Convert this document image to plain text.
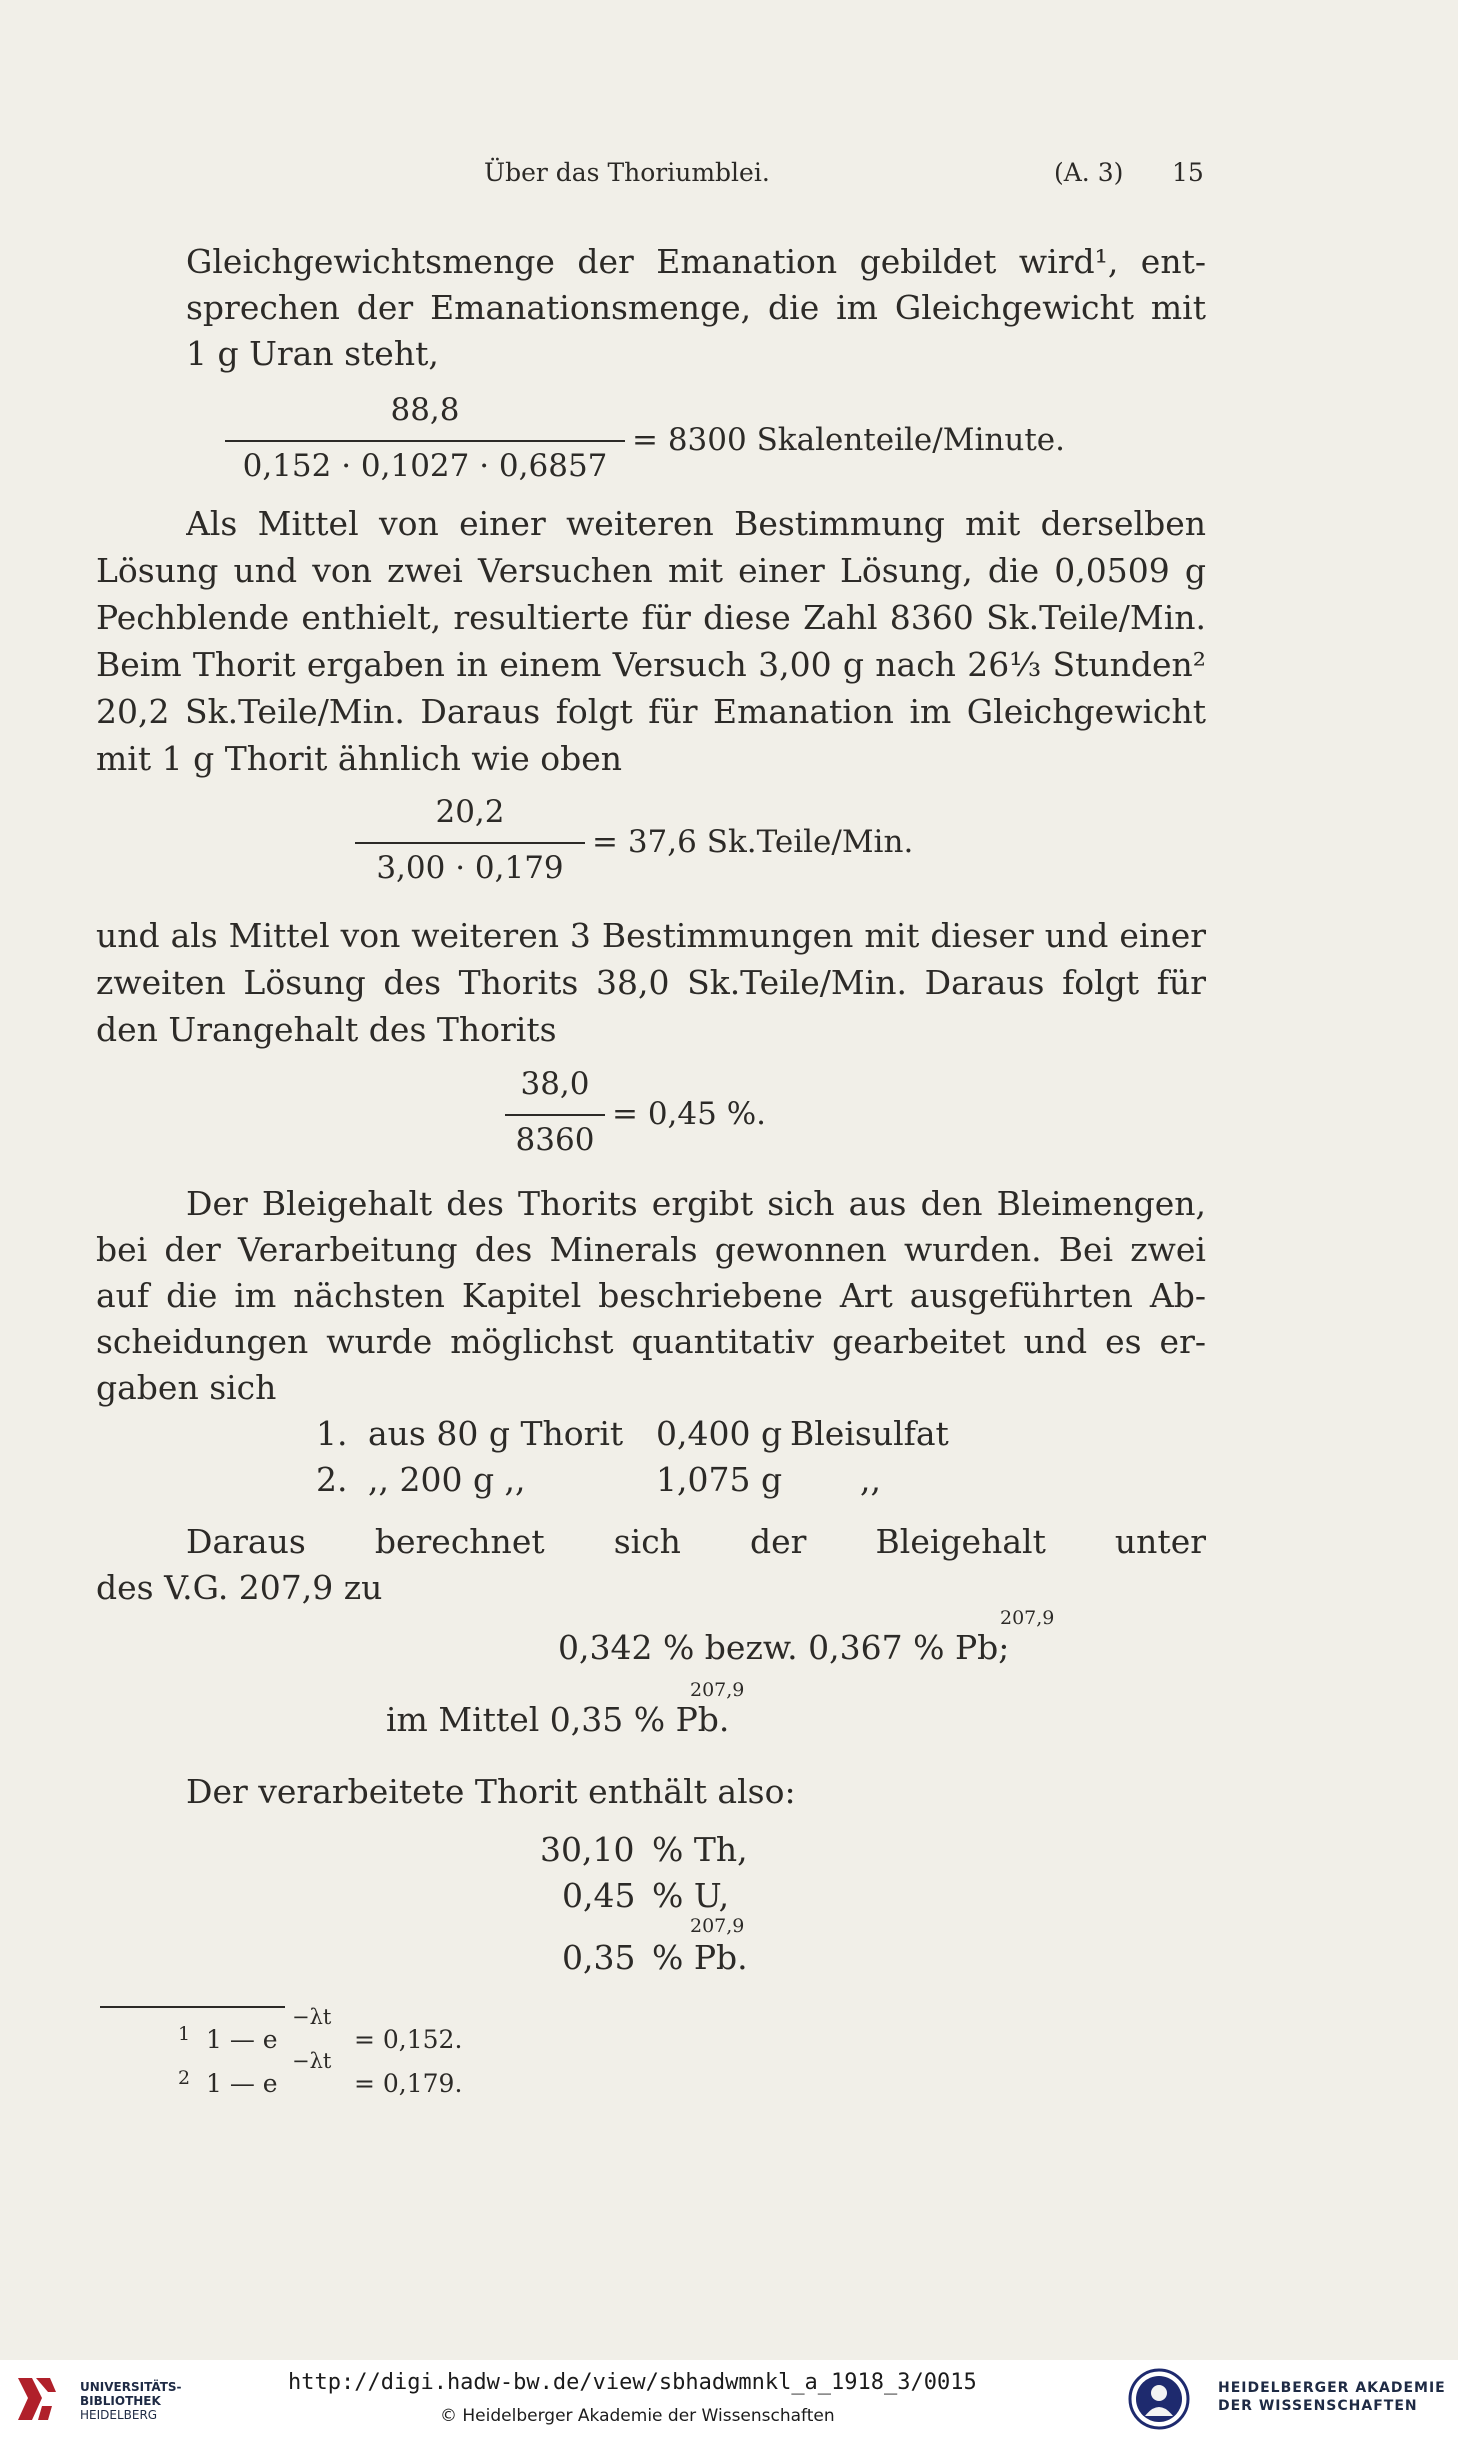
Über das Thoriumblei.	(A. 3) 15
Gleichgewichtsmenge der Emanation gebildet wird¹, ent-
sprechen der Emanationsmenge, die im Gleichgewicht mit
1 g Uran steht,
88,8
0,152 · 0,1027 · 0,6857
= 8300 Skalenteile/Minute.
Als Mittel von einer weiteren Bestimmung mit derselben
Lösung und von zwei Versuchen mit einer Lösung, die 0,0509 g
Pechblende enthielt, resultierte für diese Zahl 8360 Sk.Teile/Min.
Beim Thorit ergaben in einem Versuch 3,00 g nach 26⅓ Stunden²
20,2 Sk.Teile/Min. Daraus folgt für Emanation im Gleichgewicht
mit 1 g Thorit ähnlich wie oben
20,2
3,00 · 0,179
= 37,6 Sk.Teile/Min.
und als Mittel von weiteren 3 Bestimmungen mit dieser und einer
zweiten Lösung des Thorits 38,0 Sk.Teile/Min. Daraus folgt für
den Urangehalt des Thorits
38,0
8360
= 0,45 %.
Der Bleigehalt des Thorits ergibt sich aus den Bleimengen,
bei der Verarbeitung des Minerals gewonnen wurden. Bei zwei
auf die im nächsten Kapitel beschriebene Art ausgeführten Ab-
scheidungen wurde möglichst quantitativ gearbeitet und es er-
gaben sich
1. aus 80 g Thorit 0,400 g Bleisulfat
2. ,, 200 g ,,	1,075 g ,,
Daraus berechnet sich der Bleigehalt unter
des V.G. 207,9 zu
207,9
0,342 % bezw. 0,367 % Pb;
207,9
im Mittel 0,35 % Pb.
Der verarbeitete Thorit enthält also:
30,10 % Th,
0,45 % U,
207,9
0,35 % Pb.
1 1 — e
−λt
= 0,152.
2 1 — e
−λt
= 0,179.
UNIVERSITÄTS-
BIBLIOTHEK
HEIDELBERG
http://digi.hadw-bw.de/view/sbhadwmnkl_a_1918_3/0015
© Heidelberger Akademie der Wissenschaften
HEIDELBERGER AKADEMIE
DER WISSENSCHAFTEN
